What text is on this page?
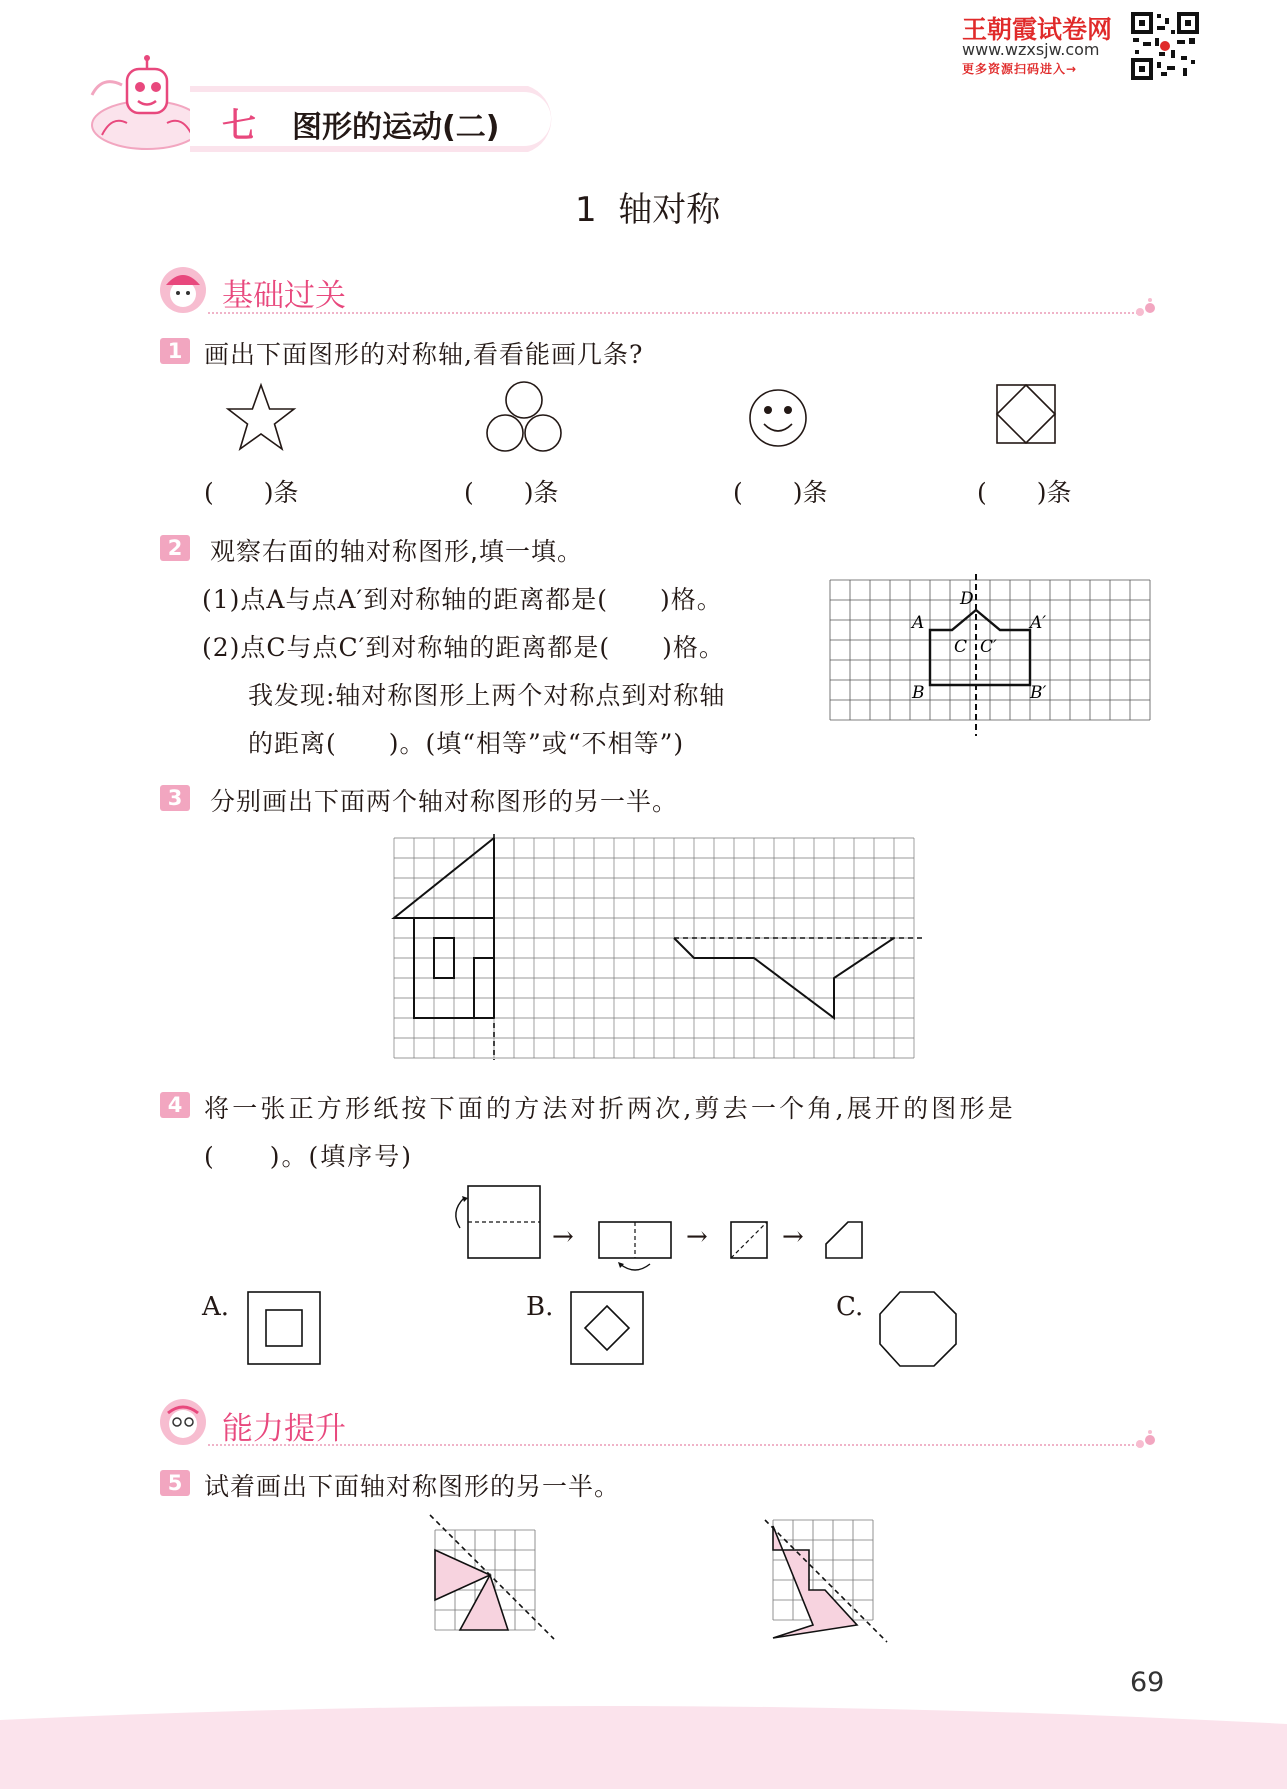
王朝霞试卷网
www.wzxsjw.com
更多资源扫码进入→
七 图形的运动(二)
1  轴对称
基础过关
1 画出下面图形的对称轴,看看能画几条?
(　　)条	(　　)条	(　　)条	(　　)条
2	观察右面的轴对称图形,填一填。
(1)点A与点A′到对称轴的距离都是(　　)格。
(2)点C与点C′到对称轴的距离都是(　　)格。
我发现:轴对称图形上两个对称点到对称轴
的距离(　　)。(填“相等”或“不相等”)
D
A	A′
C C′
B	B′
3	分别画出下面两个轴对称图形的另一半。
4 将一张正方形纸按下面的方法对折两次,剪去一个角,展开的图形是
(　　)。(填序号)
→	→	→
A.	B.	C.
能力提升
5 试着画出下面轴对称图形的另一半。
69
